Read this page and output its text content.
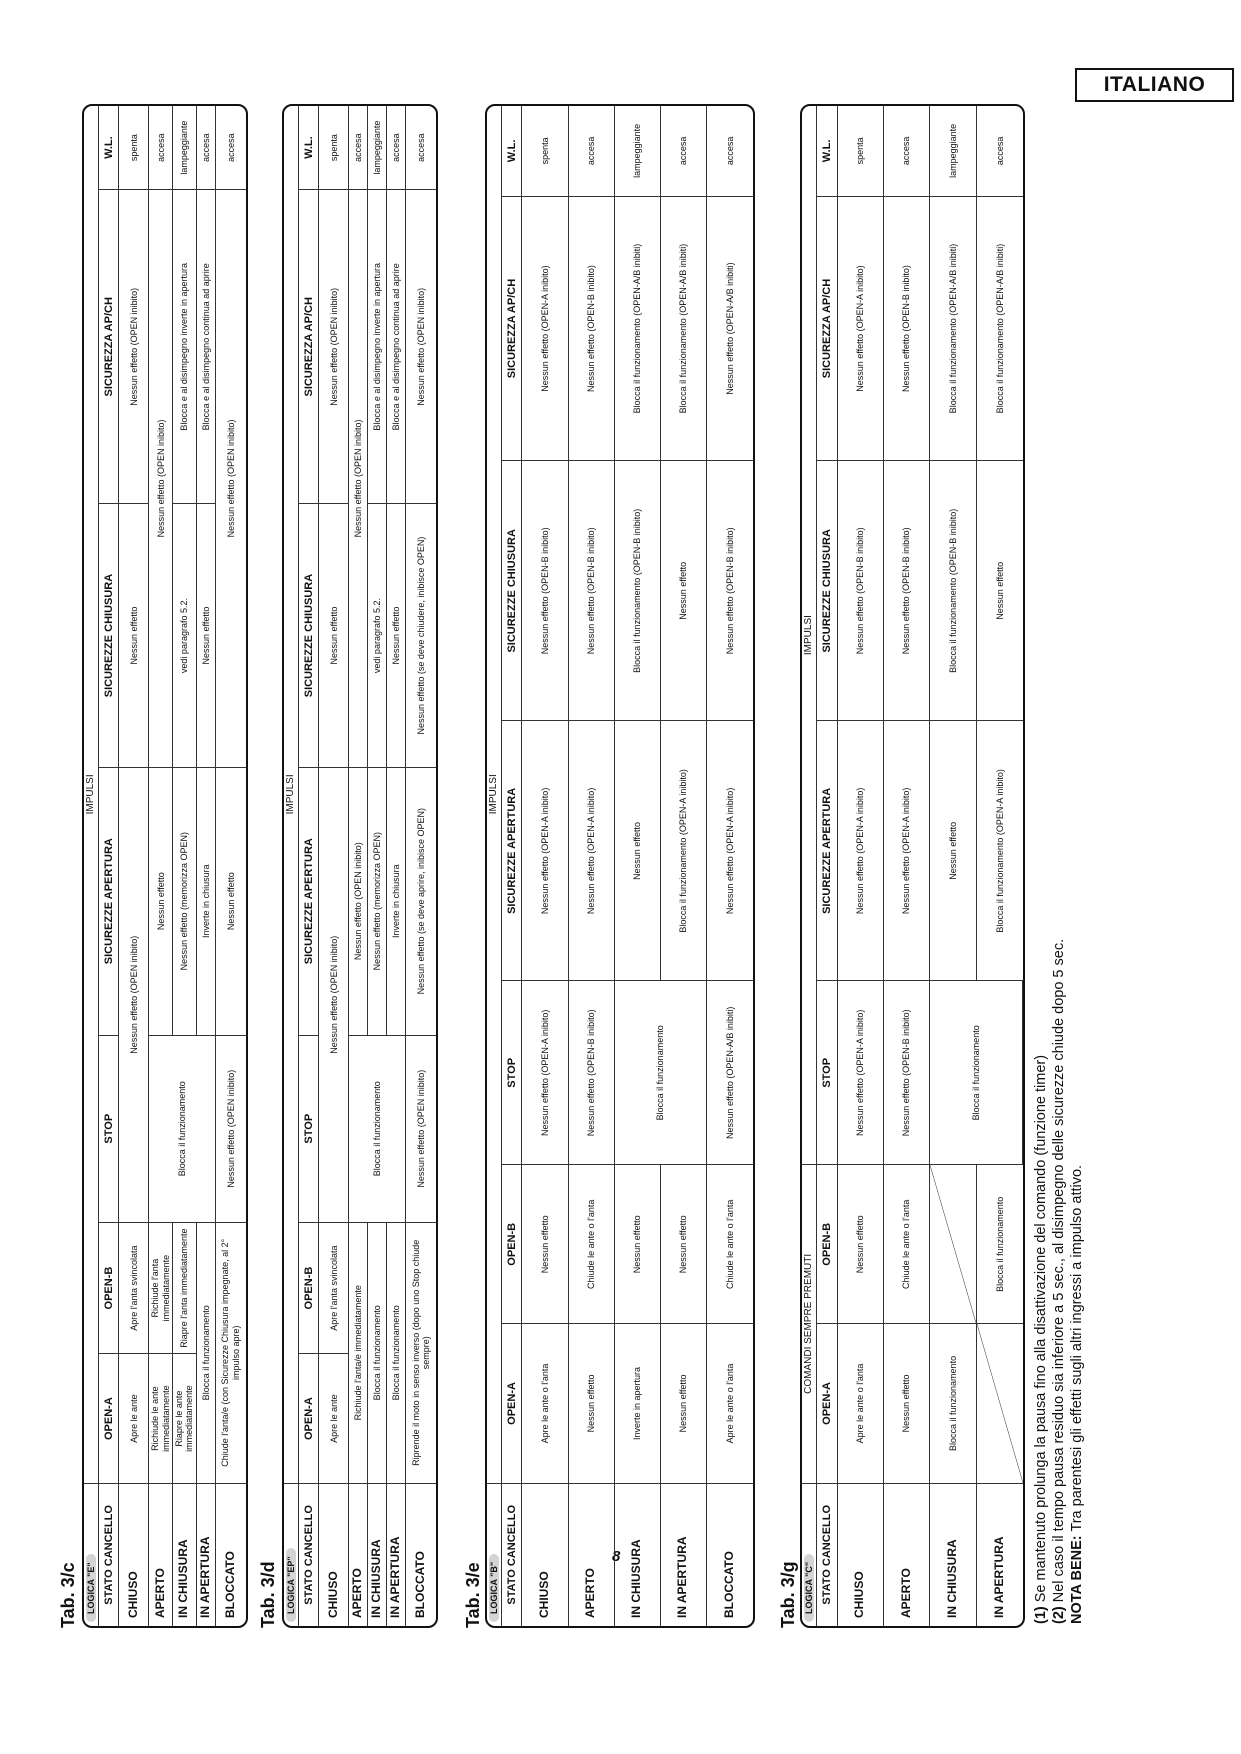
ITALIANO
8
Tab. 3/c LOGICA "E"	IMPULSI						
STATO CANCELLO	OPEN-A	OPEN-B	STOP	SICUREZZE APERTURA	SICUREZZE CHIUSURA	SICUREZZA AP/CH	W.L.
CHIUSO	Apre le ante	Apre l'anta svincolata	Nessun effetto (OPEN inibito)		Nessun effetto	Nessun effetto (OPEN inibito)	spenta
APERTO	Richiude le ante immediatamente	Richiude l'anta immediatamente	Blocca il funzionamento	Nessun effetto	Nessun effetto (OPEN inibito)		accesa
IN CHIUSURA	Riapre le ante immediatamente	Riapre l'anta immediatamente		Nessun effetto (memorizza OPEN)	vedi paragrafo 5.2.	Blocca e al disimpegno inverte in apertura	lampeggiante
IN APERTURA	Blocca il funzionamento			Inverte in chiusura	Nessun effetto	Blocca e al disimpegno continua ad aprire	accesa
BLOCCATO	Chiude l'anta/e (con Sicurezze Chiusura impegnate, al 2° impulso apre)		Nessun effetto (OPEN inibito)	Nessun effetto	Nessun effetto (OPEN inibito)		accesa
Tab. 3/d LOGICA "EP"	IMPULSI						
STATO CANCELLO	OPEN-A	OPEN-B	STOP	SICUREZZE APERTURA	SICUREZZE CHIUSURA	SICUREZZA AP/CH	W.L.
CHIUSO	Apre le ante	Apre l'anta svincolata	Nessun effetto (OPEN inibito)		Nessun effetto	Nessun effetto (OPEN inibito)	spenta
APERTO	Richiude l'anta/e immediatamente		Blocca il funzionamento	Nessun effetto (OPEN inibito)	Nessun effetto (OPEN inibito)		accesa
IN CHIUSURA	Blocca il funzionamento			Nessun effetto (memorizza OPEN)	vedi paragrafo 5.2.	Blocca e al disimpegno inverte in apertura	lampeggiante
IN APERTURA	Blocca il funzionamento			Inverte in chiusura	Nessun effetto	Blocca e al disimpegno continua ad aprire	accesa
BLOCCATO	Riprende il moto in senso inverso (dopo uno Stop chiude sempre)		Nessun effetto (OPEN inibito)	Nessun effetto (se deve aprire, inibisce OPEN)	Nessun effetto (se deve chiudere, inibisce OPEN)	Nessun effetto (OPEN inibito)	accesa
Tab. 3/e LOGICA "B"	IMPULSI						
STATO CANCELLO	OPEN-A	OPEN-B	STOP	SICUREZZE APERTURA	SICUREZZE CHIUSURA	SICUREZZA AP/CH	W.L.
CHIUSO	Apre le ante o l'anta	Nessun effetto	Nessun effetto (OPEN-A inibito)	Nessun effetto (OPEN-A inibito)	Nessun effetto (OPEN-B inibito)	Nessun effetto (OPEN-A inibito)	spenta
APERTO	Nessun effetto	Chiude le ante o l'anta	Nessun effetto (OPEN-B inibito)	Nessun effetto (OPEN-A inibito)	Nessun effetto (OPEN-B inibito)	Nessun effetto (OPEN-B inibito)	accesa
IN CHIUSURA	Inverte in apertura	Nessun effetto	Blocca il funzionamento	Nessun effetto	Blocca il funzionamento (OPEN-B inibito)	Blocca il funzionamento (OPEN-A/B inibiti)	lampeggiante
IN APERTURA	Nessun effetto	Nessun effetto		Blocca il funzionamento (OPEN-A inibito)	Nessun effetto	Blocca il funzionamento (OPEN-A/B inibiti)	accesa
BLOCCATO	Apre le ante o l'anta	Chiude le ante o l'anta	Nessun effetto (OPEN-A/B inibiti)	Nessun effetto (OPEN-A inibito)	Nessun effetto (OPEN-B inibito)	Nessun effetto (OPEN-A/B inibiti)	accesa
Tab. 3/g LOGICA "C"	COMANDI SEMPRE PREMUTI		IMPULSI				
STATO CANCELLO	OPEN-A	OPEN-B	STOP	SICUREZZE APERTURA	SICUREZZE CHIUSURA	SICUREZZA AP/CH	W.L.
CHIUSO	Apre le ante o l'anta	Nessun effetto	Nessun effetto (OPEN-A inibito)	Nessun effetto (OPEN-A inibito)	Nessun effetto (OPEN-B inibito)	Nessun effetto (OPEN-A inibito)	spenta
APERTO	Nessun effetto	Chiude le ante o l'anta	Nessun effetto (OPEN-B inibito)	Nessun effetto (OPEN-A inibito)	Nessun effetto (OPEN-B inibito)	Nessun effetto (OPEN-B inibito)	accesa
IN CHIUSURA	Blocca il funzionamento		Blocca il funzionamento	Nessun effetto	Blocca il funzionamento (OPEN-B inibito)	Blocca il funzionamento (OPEN-A/B inibiti)	lampeggiante
IN APERTURA		Blocca il funzionamento		Blocca il funzionamento (OPEN-A inibito)	Nessun effetto	Blocca il funzionamento (OPEN-A/B inibiti)	accesa
(1) Se mantenuto prolunga la pausa fino alla disattivazione del comando (funzione timer)
(2) Nel caso il tempo pausa residuo sia inferiore a 5 sec., al disimpegno delle sicurezze chiude dopo 5 sec. NOTA BENE: Tra parentesi gli effetti sugli altri ingressi a impulso attivo.
